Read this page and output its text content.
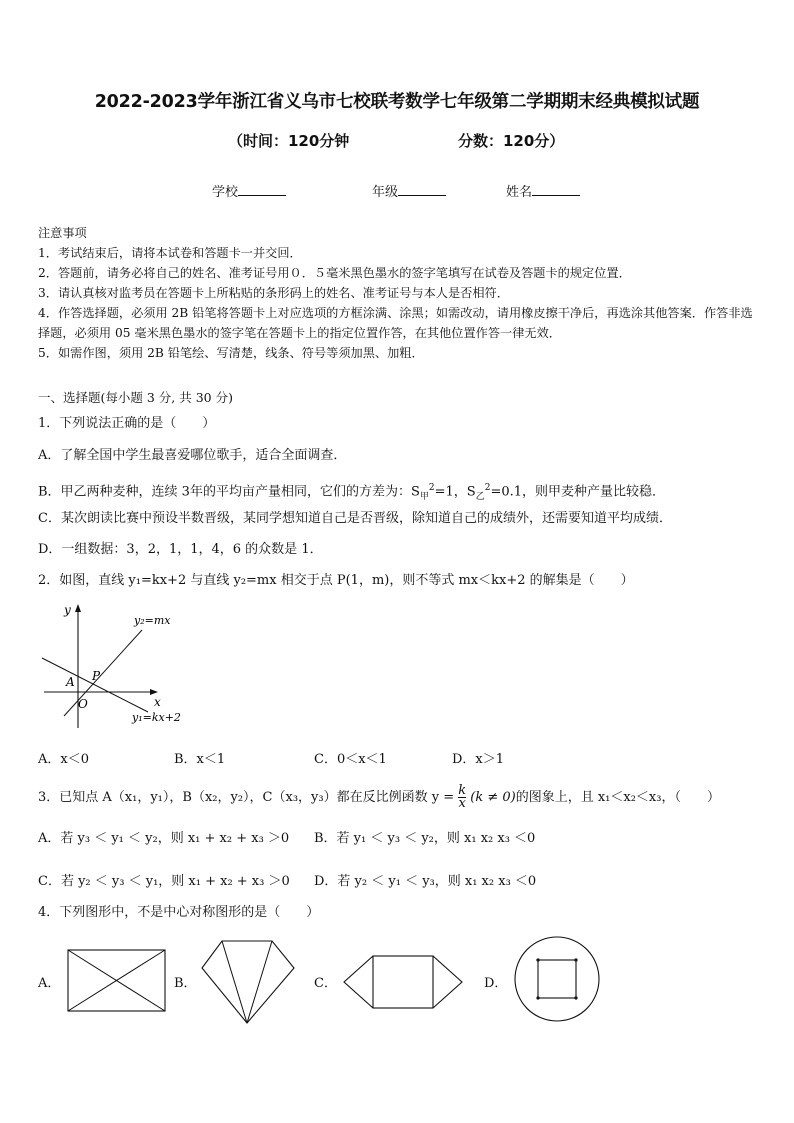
2022-2023学年浙江省义乌市七校联考数学七年级第二学期期末经典模拟试题
（时间：120分钟	分数：120分）
学校	年级	姓名
注意事项
1．考试结束后，请将本试卷和答题卡一并交回．
2．答题前，请务必将自己的姓名、准考证号用０．５毫米黑色墨水的签字笔填写在试卷及答题卡的规定位置．
3．请认真核对监考员在答题卡上所粘贴的条形码上的姓名、准考证号与本人是否相符．
4．作答选择题，必须用 2B 铅笔将答题卡上对应选项的方框涂满、涂黑；如需改动，请用橡皮擦干净后，再选涂其他答案．作答非选择题，必须用 05 毫米黑色墨水的签字笔在答题卡上的指定位置作答，在其他位置作答一律无效．
5．如需作图，须用 2B 铅笔绘、写清楚，线条、符号等须加黑、加粗．
一、选择题(每小题 3 分, 共 30 分)
1．下列说法正确的是（　　）
A．了解全国中学生最喜爱哪位歌手，适合全面调查．
B．甲乙两种麦种，连续 3年的平均亩产量相同，它们的方差为：$S_甲^2=1$，$S_乙^2=0.1$，则甲麦种产量比较稳．
C．某次朗读比赛中预设半数晋级，某同学想知道自己是否晋级，除知道自己的成绩外，还需要知道平均成绩．
D．一组数据：3，2，1，1，4，6 的众数是 1．
2．如图，直线 y₁=kx+2 与直线 y₂=mx 相交于点 P(1，m)，则不等式 mx＜kx+2 的解集是（　　）
y
x
y₂=mx
y₁=kx+2
A P
O
A．x＜0	B．x＜1	C．0＜x＜1	D．x＞1
3．已知点 A（x₁，y₁），B（x₂，y₂），C（x₃，y₃）都在反比例函数 $y = \frac{k}{x} (k \ne 0)$的图象上，且 x₁＜x₂＜x₃，（　　）
A．若 y₃ ＜ y₁ ＜ y₂，则 x₁ + x₂ + x₃ ＞0 B．若 y₁ ＜ y₃ ＜ y₂，则 x₁ x₂ x₃ ＜0
C．若 y₂ ＜ y₃ ＜ y₁，则 x₁ + x₂ + x₃ ＞0 D．若 y₂ ＜ y₁ ＜ y₃，则 x₁ x₂ x₃ ＜0
4．下列图形中，不是中心对称图形的是（　　）
A．	B．	C．	D．
